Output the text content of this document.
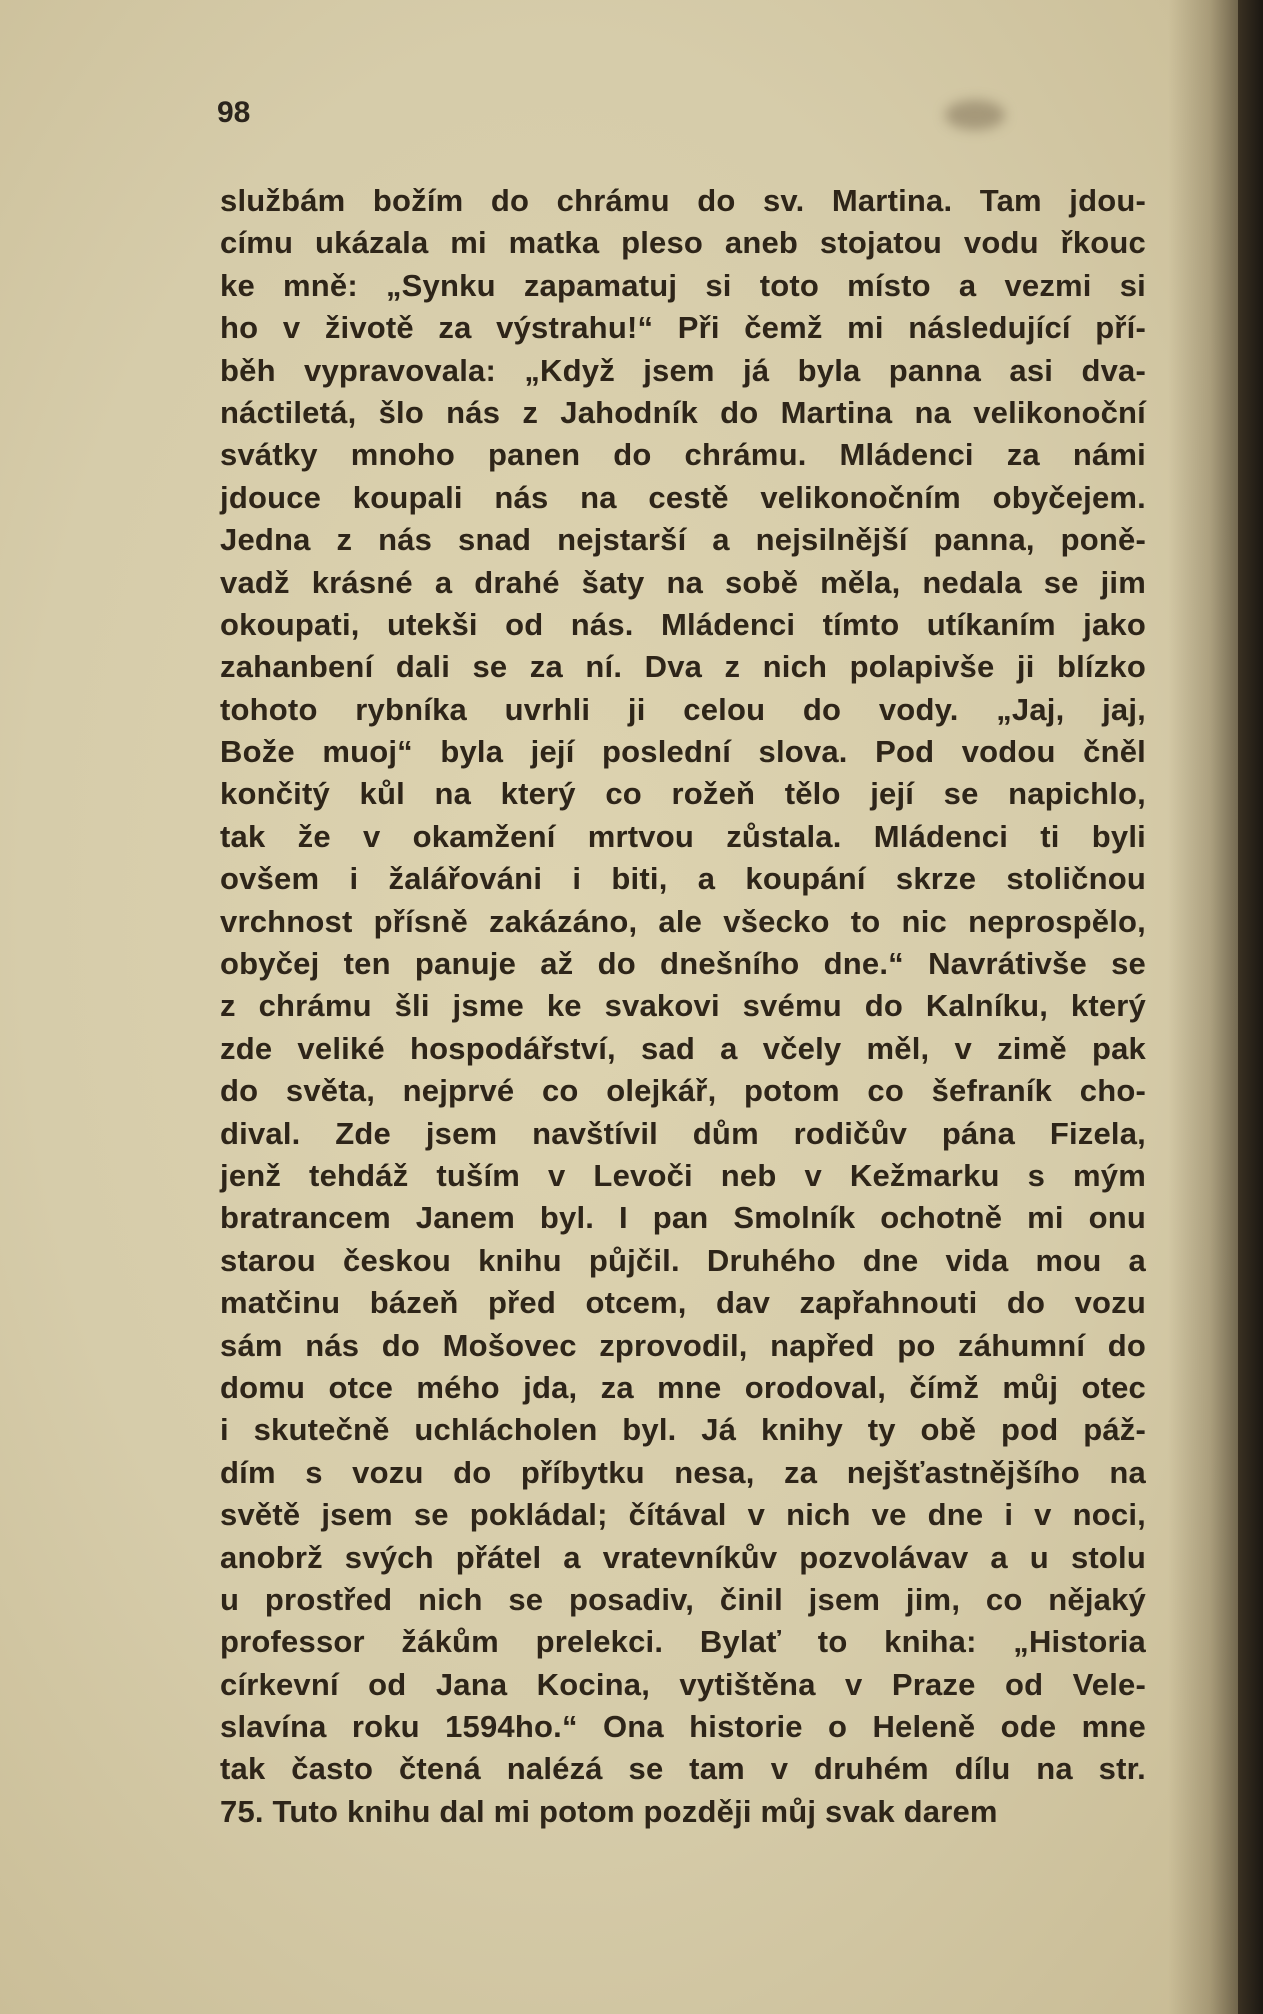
98

službám božím do chrámu do sv. Martina. Tam jdou-
címu ukázala mi matka pleso aneb stojatou vodu řkouc
ke mně: „Synku zapamatuj si toto místo a vezmi si
ho v životě za výstrahu!“ Při čemž mi následující pří-
běh vypravovala: „Když jsem já byla panna asi dva-
náctiletá, šlo nás z Jahodník do Martina na velikonoční
svátky mnoho panen do chrámu. Mládenci za námi
jdouce koupali nás na cestě velikonočním obyčejem.
Jedna z nás snad nejstarší a nejsilnější panna, poně-
vadž krásné a drahé šaty na sobě měla, nedala se jim
okoupati, utekši od nás. Mládenci tímto utíkaním jako
zahanbení dali se za ní. Dva z nich polapivše ji blízko
tohoto rybníka uvrhli ji celou do vody. „Jaj, jaj,
Bože muoj“ byla její poslední slova. Pod vodou čněl
končitý kůl na který co rožeň tělo její se napichlo,
tak že v okamžení mrtvou zůstala. Mládenci ti byli
ovšem i žalářováni i biti, a koupání skrze stoličnou
vrchnost přísně zakázáno, ale všecko to nic neprospělo,
obyčej ten panuje až do dnešního dne.“ Navrátivše se
z chrámu šli jsme ke svakovi svému do Kalníku, který
zde veliké hospodářství, sad a včely měl, v zimě pak
do světa, nejprvé co olejkář, potom co šefraník cho-
dival. Zde jsem navštívil dům rodičův pána Fizela,
jenž tehdáž tuším v Levoči neb v Kežmarku s mým
bratrancem Janem byl. I pan Smolník ochotně mi onu
starou českou knihu půjčil. Druhého dne vida mou a
matčinu bázeň před otcem, dav zapřahnouti do vozu
sám nás do Mošovec zprovodil, napřed po záhumní do
domu otce mého jda, za mne orodoval, čímž můj otec
i skutečně uchlácholen byl. Já knihy ty obě pod páž-
dím s vozu do příbytku nesa, za nejšťastnějšího na
světě jsem se pokládal; čítával v nich ve dne i v noci,
anobrž svých přátel a vratevníkův pozvolávav a u stolu
u prostřed nich se posadiv, činil jsem jim, co nějaký
professor žákům prelekci. Bylať to kniha: „Historia
církevní od Jana Kocina, vytištěna v Praze od Vele-
slavína roku 1594ho.“ Ona historie o Heleně ode mne
tak často čtená nalézá se tam v druhém dílu na str.
75. Tuto knihu dal mi potom později můj svak darem
